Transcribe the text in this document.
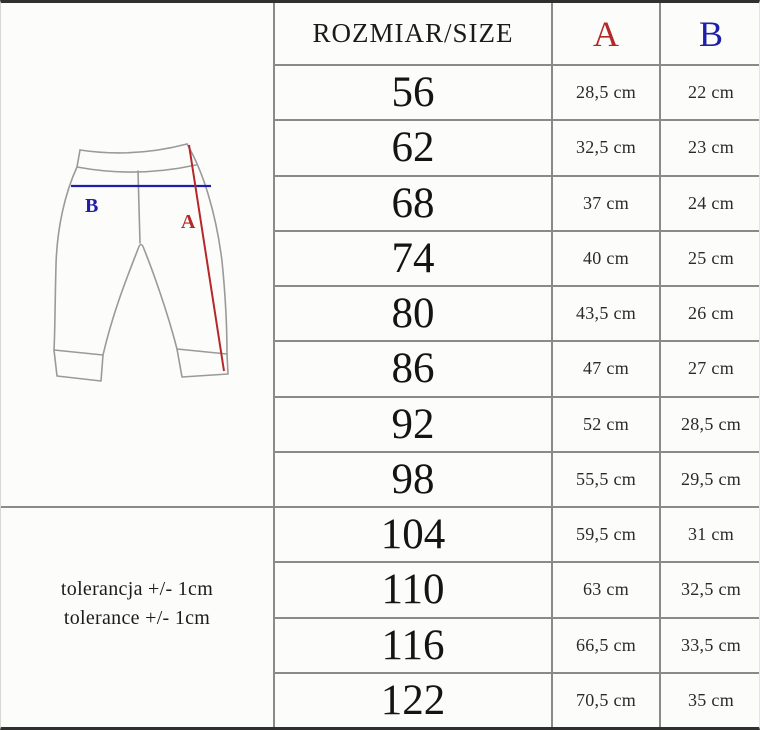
B
A
tolerancja +/- 1cm
tolerance +/- 1cm
ROZMIAR/SIZE	A	B
56	28,5 cm	22 cm
62	32,5 cm	23 cm
68	37 cm	24 cm
74	40 cm	25 cm
80	43,5 cm	26 cm
86	47 cm	27 cm
92	52 cm	28,5 cm
98	55,5 cm	29,5 cm
104	59,5 cm	31 cm
110	63 cm	32,5 cm
116	66,5 cm	33,5 cm
122	70,5 cm	35 cm
